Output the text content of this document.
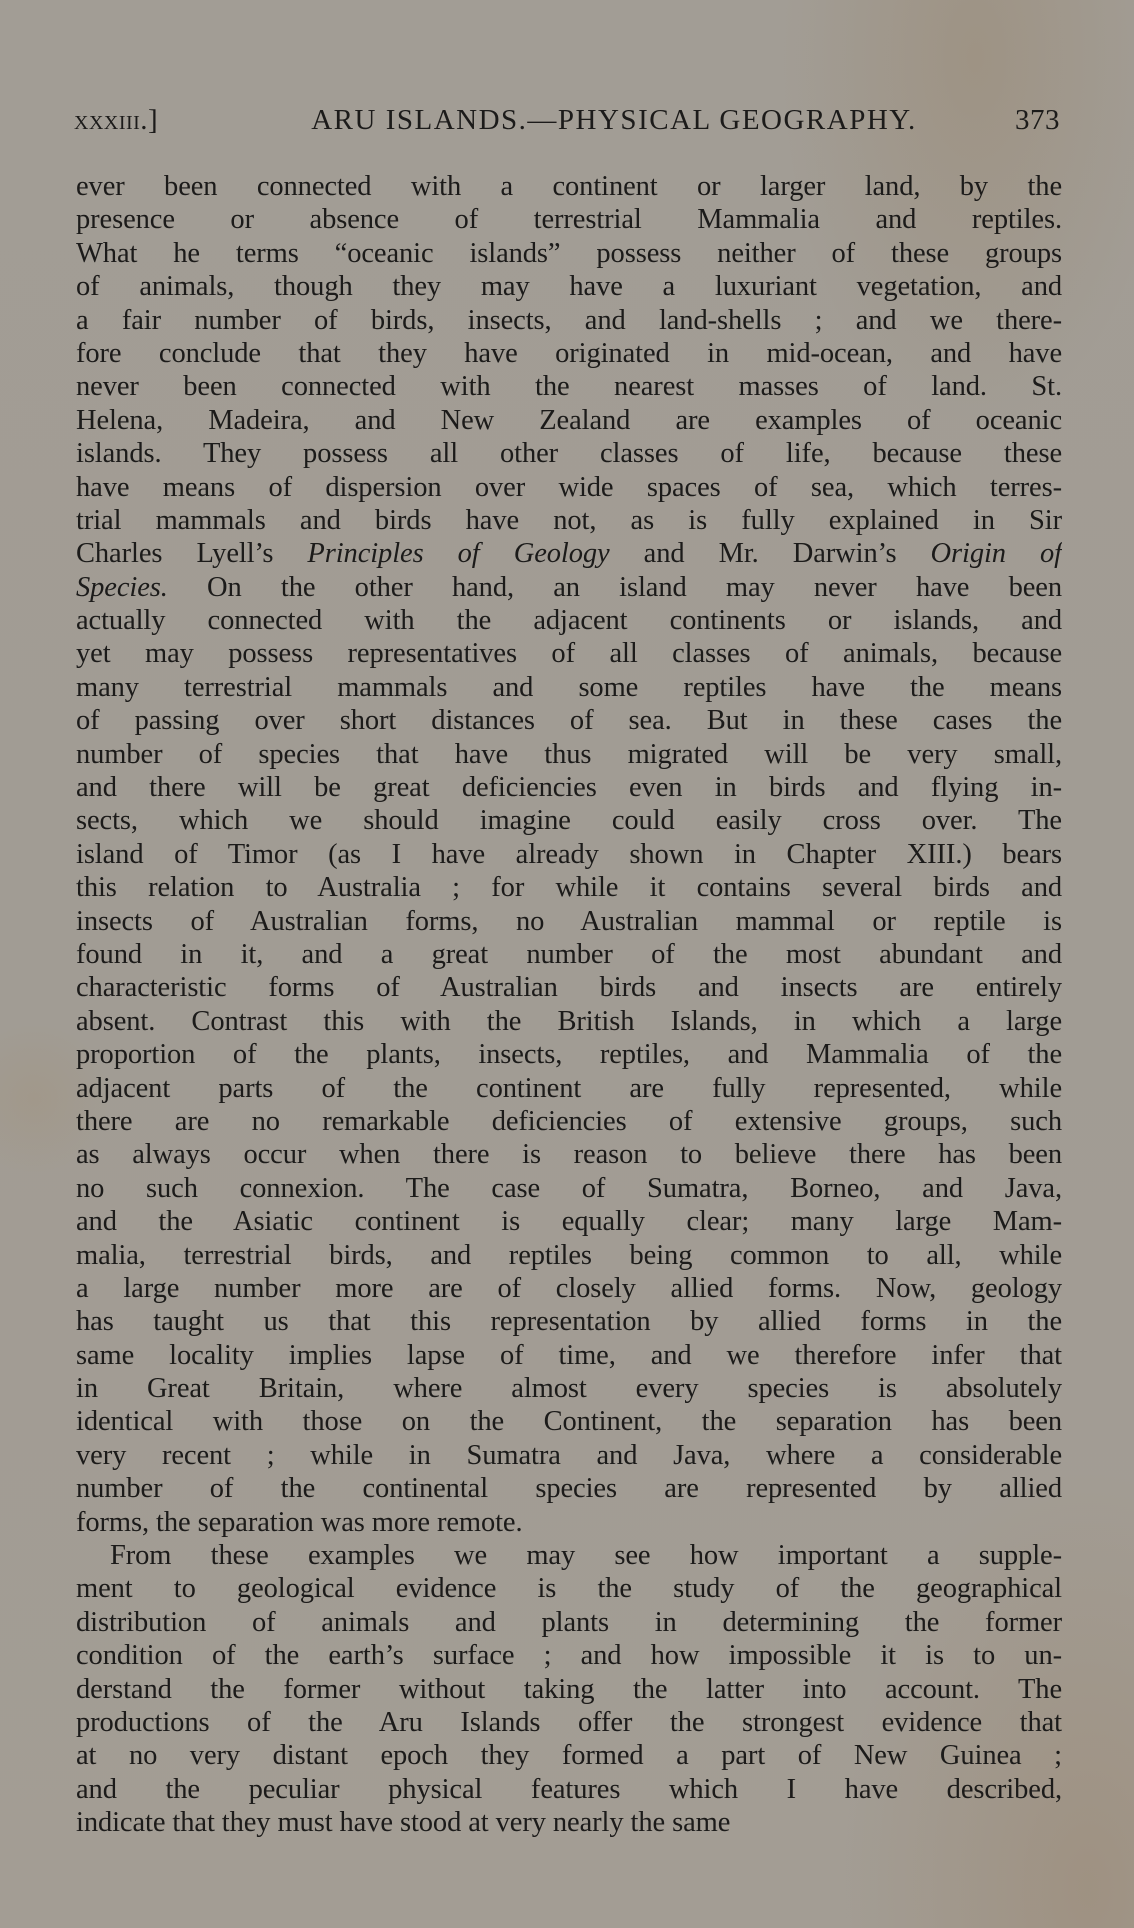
xxxiii.]	ARU ISLANDS.—PHYSICAL GEOGRAPHY.	373
ever been connected with a continent or larger land, by the
presence or absence of terrestrial Mammalia and reptiles.
What he terms “oceanic islands” possess neither of these groups
of animals, though they may have a luxuriant vegetation, and
a fair number of birds, insects, and land-shells ; and we there-
fore conclude that they have originated in mid-ocean, and have
never been connected with the nearest masses of land. St.
Helena, Madeira, and New Zealand are examples of oceanic
islands. They possess all other classes of life, because these
have means of dispersion over wide spaces of sea, which terres-
trial mammals and birds have not, as is fully explained in Sir
Charles Lyell’s Principles of Geology and Mr. Darwin’s Origin of
Species. On the other hand, an island may never have been
actually connected with the adjacent continents or islands, and
yet may possess representatives of all classes of animals, because
many terrestrial mammals and some reptiles have the means
of passing over short distances of sea. But in these cases the
number of species that have thus migrated will be very small,
and there will be great deficiencies even in birds and flying in-
sects, which we should imagine could easily cross over. The
island of Timor (as I have already shown in Chapter XIII.) bears
this relation to Australia ; for while it contains several birds and
insects of Australian forms, no Australian mammal or reptile is
found in it, and a great number of the most abundant and
characteristic forms of Australian birds and insects are entirely
absent. Contrast this with the British Islands, in which a large
proportion of the plants, insects, reptiles, and Mammalia of the
adjacent parts of the continent are fully represented, while
there are no remarkable deficiencies of extensive groups, such
as always occur when there is reason to believe there has been
no such connexion. The case of Sumatra, Borneo, and Java,
and the Asiatic continent is equally clear; many large Mam-
malia, terrestrial birds, and reptiles being common to all, while
a large number more are of closely allied forms. Now, geology
has taught us that this representation by allied forms in the
same locality implies lapse of time, and we therefore infer that
in Great Britain, where almost every species is absolutely
identical with those on the Continent, the separation has been
very recent ; while in Sumatra and Java, where a considerable
number of the continental species are represented by allied
forms, the separation was more remote.
From these examples we may see how important a supple-
ment to geological evidence is the study of the geographical
distribution of animals and plants in determining the former
condition of the earth’s surface ; and how impossible it is to un-
derstand the former without taking the latter into account. The
productions of the Aru Islands offer the strongest evidence that
at no very distant epoch they formed a part of New Guinea ;
and the peculiar physical features which I have described,
indicate that they must have stood at very nearly the same
